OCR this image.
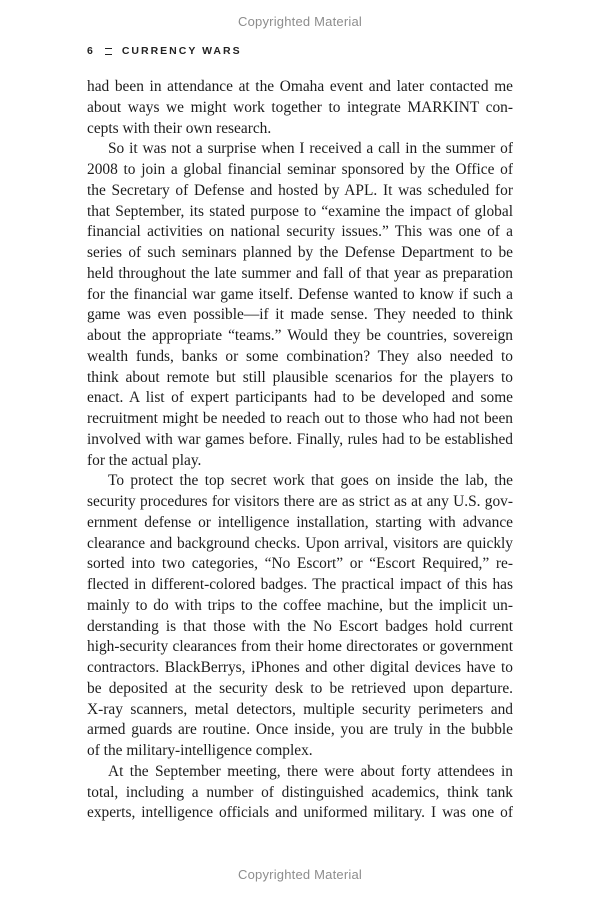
Copyrighted Material
6	CURRENCY WARS
had been in attendance at the Omaha event and later contacted me
about ways we might work together to integrate MARKINT con-
cepts with their own research.
So it was not a surprise when I received a call in the summer of
2008 to join a global financial seminar sponsored by the Office of
the Secretary of Defense and hosted by APL. It was scheduled for
that September, its stated purpose to “examine the impact of global
financial activities on national security issues.” This was one of a
series of such seminars planned by the Defense Department to be
held throughout the late summer and fall of that year as preparation
for the financial war game itself. Defense wanted to know if such a
game was even possible—if it made sense. They needed to think
about the appropriate “teams.” Would they be countries, sovereign
wealth funds, banks or some combination? They also needed to
think about remote but still plausible scenarios for the players to
enact. A list of expert participants had to be developed and some
recruitment might be needed to reach out to those who had not been
involved with war games before. Finally, rules had to be established
for the actual play.
To protect the top secret work that goes on inside the lab, the
security procedures for visitors there are as strict as at any U.S. gov-
ernment defense or intelligence installation, starting with advance
clearance and background checks. Upon arrival, visitors are quickly
sorted into two categories, “No Escort” or “Escort Required,” re-
flected in different-colored badges. The practical impact of this has
mainly to do with trips to the coffee machine, but the implicit un-
derstanding is that those with the No Escort badges hold current
high-security clearances from their home directorates or government
contractors. BlackBerrys, iPhones and other digital devices have to
be deposited at the security desk to be retrieved upon departure.
X-ray scanners, metal detectors, multiple security perimeters and
armed guards are routine. Once inside, you are truly in the bubble
of the military-intelligence complex.
At the September meeting, there were about forty attendees in
total, including a number of distinguished academics, think tank
experts, intelligence officials and uniformed military. I was one of
Copyrighted Material
